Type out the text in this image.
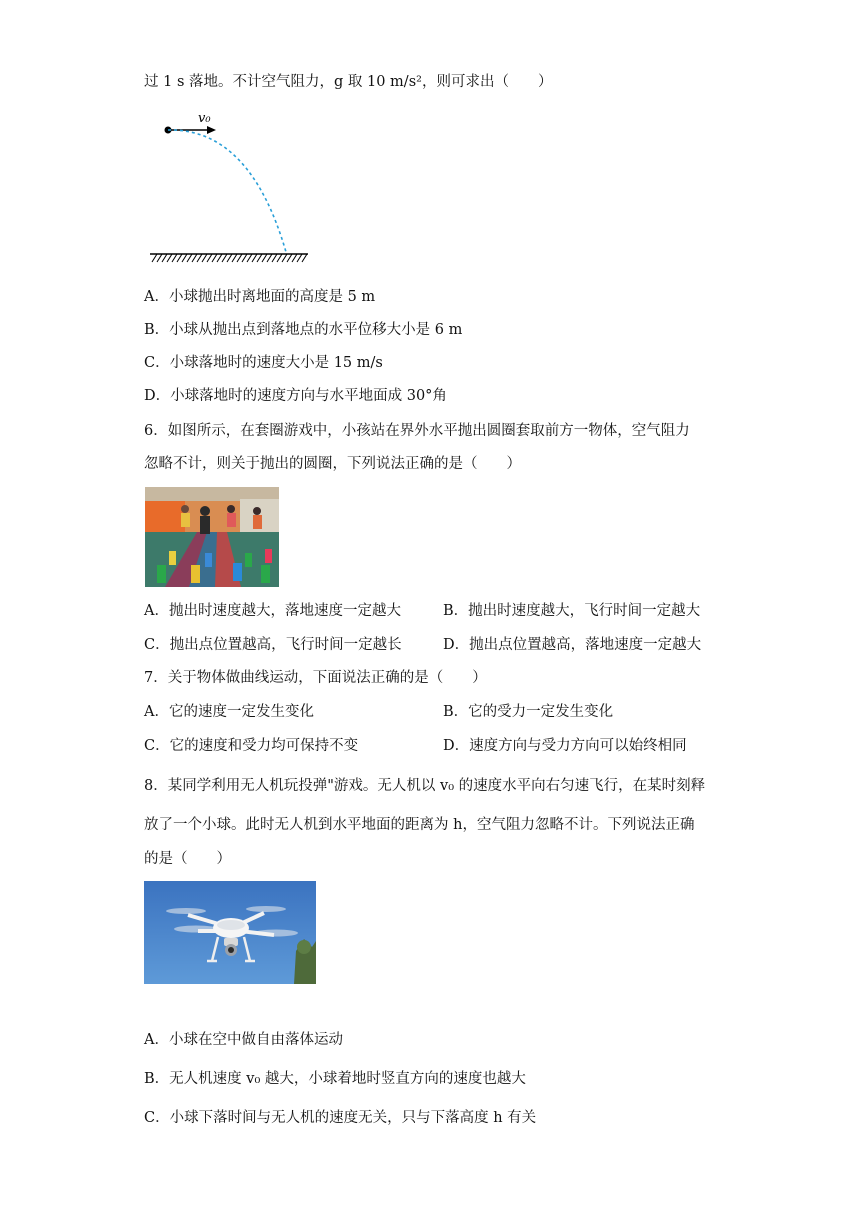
过 1 s 落地。不计空气阻力，g 取 10 m/s²，则可求出（　　）
v₀
A．小球抛出时离地面的高度是 5 m
B．小球从抛出点到落地点的水平位移大小是 6 m
C．小球落地时的速度大小是 15 m/s
D．小球落地时的速度方向与水平地面成 30°角
6．如图所示，在套圈游戏中，小孩站在界外水平抛出圆圈套取前方一物体，空气阻力
忽略不计，则关于抛出的圆圈，下列说法正确的是（　　）
A．抛出时速度越大，落地速度一定越大	B．抛出时速度越大，飞行时间一定越大
C．抛出点位置越高，飞行时间一定越长	D．抛出点位置越高，落地速度一定越大
7．关于物体做曲线运动，下面说法正确的是（　　）
A．它的速度一定发生变化	B．它的受力一定发生变化
C．它的速度和受力均可保持不变	D．速度方向与受力方向可以始终相同
8．某同学利用无人机玩投弹"游戏。无人机以 v₀ 的速度水平向右匀速飞行，在某时刻释
放了一个小球。此时无人机到水平地面的距离为 h，空气阻力忽略不计。下列说法正确
的是（　　）
A．小球在空中做自由落体运动
B．无人机速度 v₀ 越大，小球着地时竖直方向的速度也越大
C．小球下落时间与无人机的速度无关，只与下落高度 h 有关
